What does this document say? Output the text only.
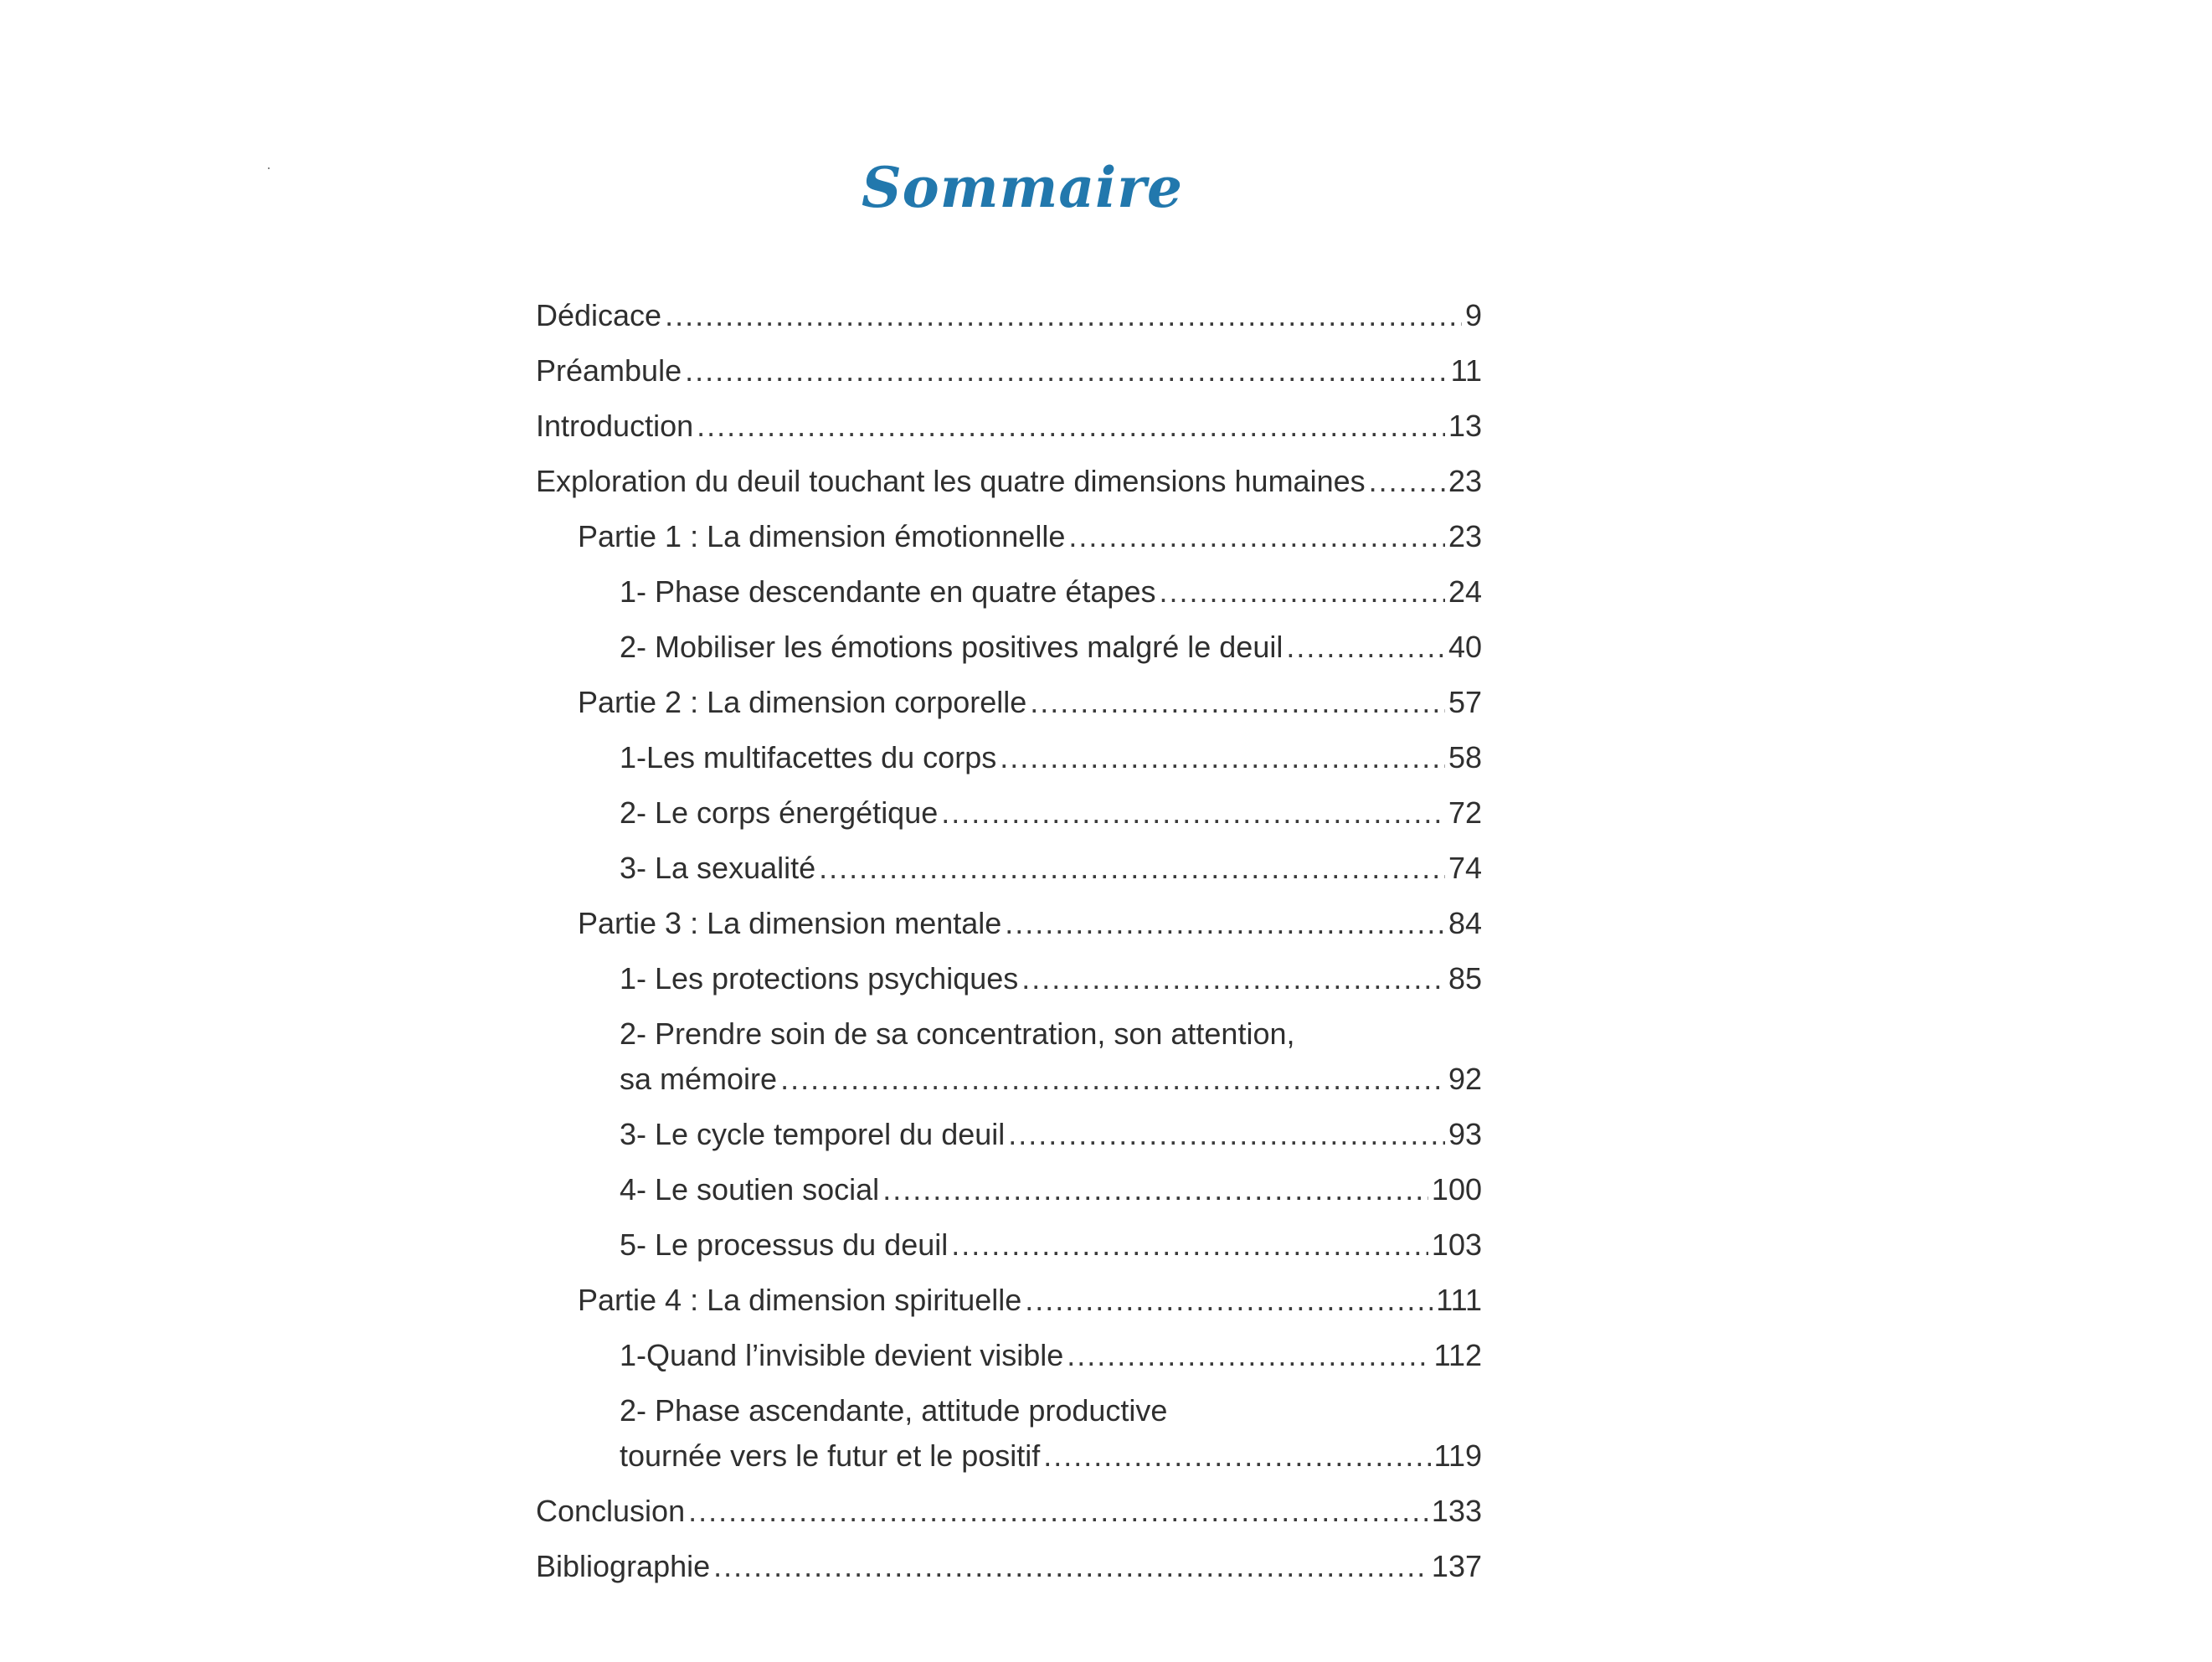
Sommaire
Dédicace .....	9
Préambule .....	11
Introduction .....	13
Exploration du deuil touchant les quatre dimensions humaines .....	23
Partie 1 : La dimension émotionnelle .....	23
1- Phase descendante en quatre étapes .....	24
2- Mobiliser les émotions positives malgré le deuil .....	40
Partie 2 : La dimension corporelle .....	57
1-Les multifacettes du corps .....	58
2- Le corps énergétique .....	72
3- La sexualité .....	74
Partie 3 : La dimension mentale .....	84
1- Les protections psychiques .....	85
2- Prendre soin de sa concentration, son attention,
sa mémoire .....	92
3- Le cycle temporel du deuil .....	93
4- Le soutien social .....	100
5- Le processus du deuil .....	103
Partie 4 : La dimension spirituelle .....	111
1-Quand l’invisible devient visible .....	112
2- Phase ascendante, attitude productive
tournée vers le futur et le positif .....	119
Conclusion .....	133
Bibliographie .....	137
